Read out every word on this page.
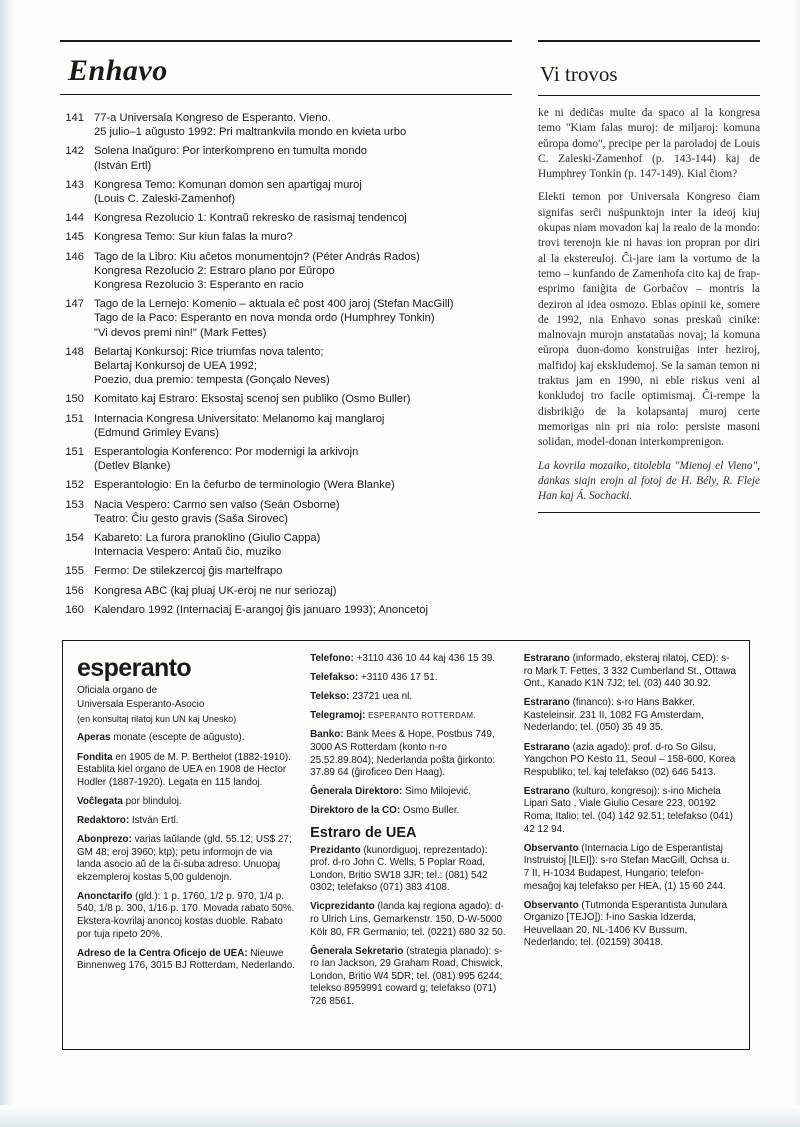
Enhavo
141 77-a Universala Kongreso de Esperanto. Vieno.
25 julio–1 aŭgusto 1992: Pri maltrankvila mondo en kvieta urbo
142 Solena Inaŭguro: Por interkompreno en tumulta mondo
(István Ertl)
143 Kongresa Temo: Komunan domon sen apartigaj muroj
(Louis C. Zaleski-Zamenhof)
144 Kongresa Rezolucio 1: Kontraŭ rekresko de rasismaj tendencoj
145 Kongresa Temo: Sur kiun falas la muro?
146 Tago de la Libro: Kiu aĉetos monumentojn? (Péter András Rados)
Kongresa Rezolucio 2: Estraro plano por Eŭropo
Kongresa Rezolucio 3: Esperanto en racio
147 Tago de la Lernejo: Komenio – aktuala eĉ post 400 jaroj (Stefan MacGill)
Tago de la Paco: Esperanto en nova monda ordo (Humphrey Tonkin)
"Vi devos premi nin!" (Mark Fettes)
148 Belartaj Konkursoj: Rice triumfas nova talento;
Belartaj Konkursoj de UEA 1992;
Poezio, dua premio: tempesta (Gonçalo Neves)
150 Komitato kaj Estraro: Eksostaj scenoj sen publiko (Osmo Buller)
151 Internacia Kongresa Universitato: Melanomo kaj manglaroj
(Edmund Grimley Evans)
151 Esperantologia Konferenco: Por modernigi la arkivojn
(Detlev Blanke)
152 Esperantologio: En la ĉefurbo de terminologio (Wera Blanke)
153 Nacia Vespero: Carmo sen valso (Seán Osborne)
Teatro: Ĉiu gesto gravis (Saša Sirovec)
154 Kabareto: La furora pranoklino (Giulio Cappa)
Internacia Vespero: Antaŭ ĉio, muziko
155 Fermo: De stilekzercoj ĝis martelfrapo
156 Kongresa ABC (kaj pluaj UK-eroj ne nur seriozaj)
160 Kalendaro 1992 (Internaciaj E-arangoj ĝis januaro 1993); Anoncetoj
Vi trovos

ke ni dediĉas multe da spaco al la kongresa temo "Kiam falas muroj: de miljaroj: komuna eŭropa domo", precipe per la paroladoj de Louis C. Zaleski-Zamenhof (p. 143-144) kaj de Humphrey Tonkin (p. 147-149). Kial ĉiom?

Elekti temon por Universala Kongreso ĉiam signifas serĉi nuŝpunktojn inter la ideoj kiuj okupas niam movadon kaj la realo de la mondo: trovi terenojn kie ni havas ion propran por diri al la ekstereuloj. Ĉi-jare iam la vortumo de la temo – kunfando de Zamenhofa cito kaj de frap-esprimo faniĝita de Gorbaĉov – montris la deziron al idea osmozo. Eblas opinii ke, somere de 1992, nia Enhavo sonas preskaŭ cinike: malnovajn murojn anstataŭas novaj; la komuna eŭropa duon-domo konstruiĝas inter heziroj, malfidoj kaj ekskludemoj. Se la saman temon ni traktus jam en 1990, ni eble riskus veni al konkludoj tro facile optimismaj. Ĉi-rempe la disbrikiĝo de la kolapsantaj muroj certe memorigas nin pri nia rolo: persiste masoni solidan, model-donan interkomprenigon.

La kovrila mozaiko, titolebla "Mienoj el Vieno", dankas siajn erojn al fotoj de H. Bély, R. Fleje Han kaj Á. Sochacki.
esperanto
Oficiala organo de
Universala Esperanto-Asocio
(en konsultaj rilatoj kun UN kaj Unesko)
Aperas monate (escepte de aŭgusto).
Fondita en 1905 de M. P. Berthelot (1882-1910). Establita kiel organo de UEA en 1908 de Hector Hodler (1887-1920). Legata en 115 landoj.
Voĉlegata por blinduloj.
Redaktoro: István Ertl.
Abonprezo: varias laŭlande (gld. 55.12; US$ 27; GM 48; eroj 3960; ktp); petu informojn de via landa asocio aŭ de la ĉi-suba adreso. Unuopaj ekzempleroj kostas 5,00 guldenojn.
Anonctarifo (gld.): 1 p. 1760, 1/2 p. 970, 1/4 p. 540, 1/8 p. 300, 1/16 p. 170. Movada rabato 50%. Ekstera-kovrilaj anoncoj kostas duoble. Rabato por tuja ripeto 20%.
Adreso de la Centra Oficejo de UEA: Nieuwe Binnenweg 176, 3015 BJ Rotterdam, Nederlando.
Telefono: +3110 436 10 44 kaj 436 15 39.
Telefakso: +3110 436 17 51.
Telekso: 23721 uea nl.
Telegramoj: ESPERANTO ROTTERDAM.
Banko: Bank Mees & Hope, Postbus 749, 3000 AS Rotterdam (konto n-ro 25.52.89.804); Nederlanda poŝta ĝirkonto: 37.89 64 (ĝiroficeo Den Haag).
Ĝenerala Direktoro: Simo Milojević.
Direktoro de la CO: Osmo Buller.
Estraro de UEA
Prezidanto (kunordiguoj, reprezentado): prof. d-ro John C. Wells, 5 Poplar Road, London, Britio SW18 3JR; tel.: (081) 542 0302; telefakso (071) 383 4108.
Vicprezidanto (landa kaj regiona agado): d-ro Ulrich Lins, Gemarkenstr. 150, D-W-5000 Kölr 80, FR Germanio; tel. (0221) 680 32 50.
Ĝenerala Sekretario (strategia planado): s-ro Ian Jackson, 29 Graham Road, Chiswick, London, Britio W4 5DR; tel. (081) 995 6244; telekso 8959991 coward g; telefakso (071) 726 8561.
Estrarano (informado, eksteraj rilatoj, CED): s-ro Mark T. Fettes, 3 332 Cumberland St., Ottawa Ont., Kanado K1N 7J2; tel. (03) 440 30.92.
Estrarano (financo): s-ro Hans Bakker, Kasteleinsir. 231 II, 1082 FG Amsterdam, Nederlando; tel. (050) 35 49 35.
Estrarano (azia agado): prof. d-ro So Gilsu, Yangchon PO Kesto 11, Seoul – 158-600, Korea Respubliko; tel. kaj telefakso (02) 646 5413.
Estrarano (kulturo, kongresoj): s-ino Michela Lipari Sato , Viale Giulio Cesare 223, 00192 Roma, Italio; tel. (04) 142 92.51; telefakso (041) 42 12 94.
Observanto (Internacia Ligo de Esperantistaj Instruistoj [ILEI]): s-ro Stefan MacGill, Ochsa u. 7 II, H-1034 Budapest, Hungario; telefon-mesaĝoj kaj telefakso per HEA, (1) 15 60 244.
Observanto (Tutmonda Esperantista Junulara Organizo [TEJO]): f-ino Saskia Idzerda, Heuvellaan 20, NL-1406 KV Bussum, Nederlando; tel. (02159) 30418.
